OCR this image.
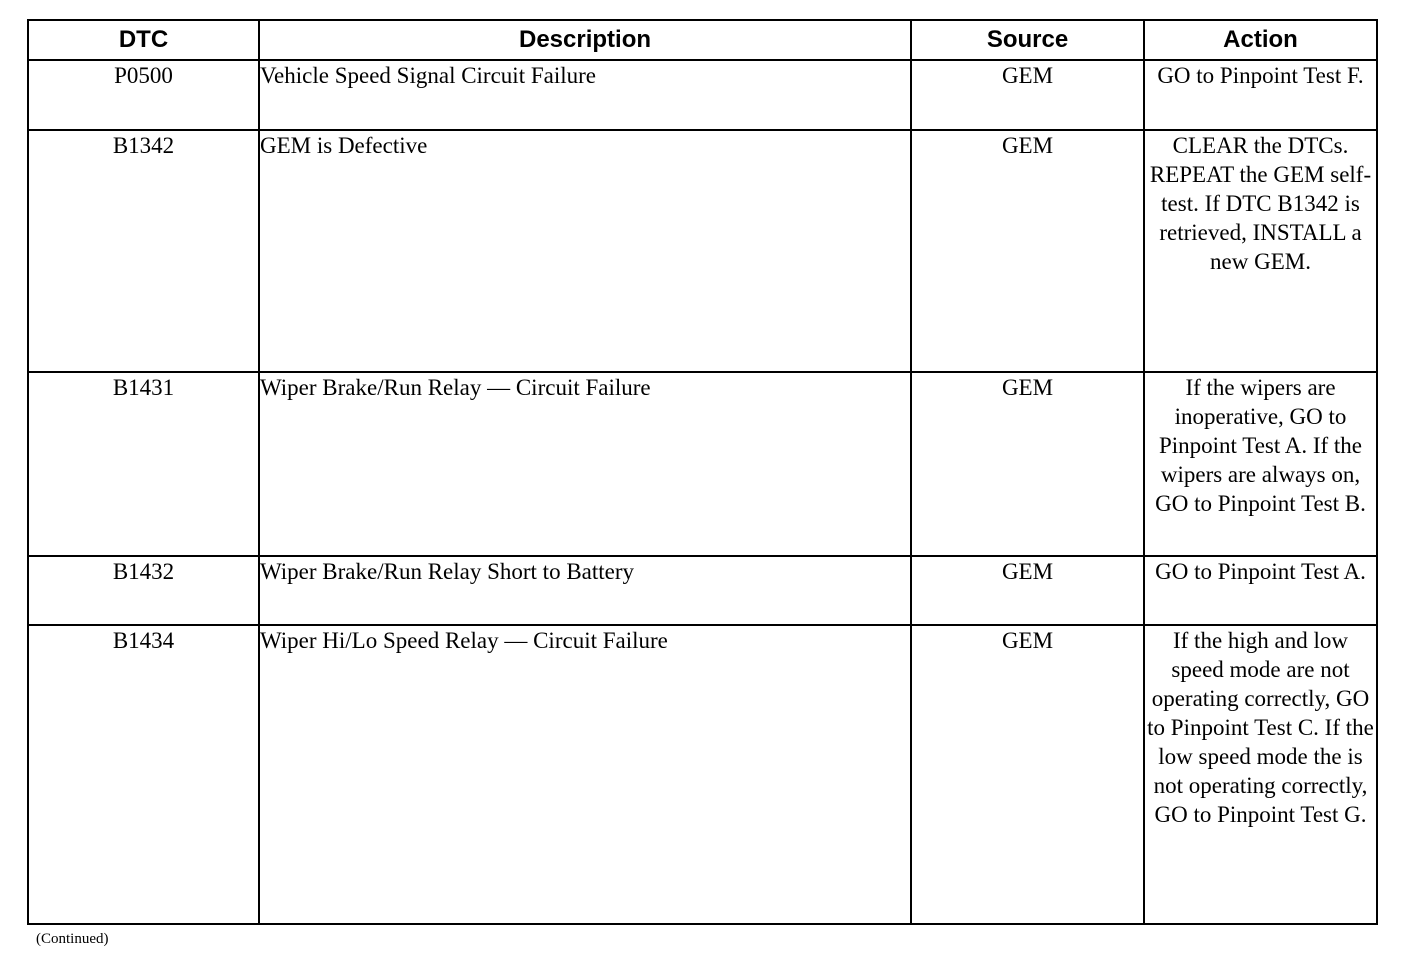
DTC	Description	Source	Action
P0500	Vehicle Speed Signal Circuit Failure	GEM	GO to Pinpoint Test F.
B1342	GEM is Defective	GEM	CLEAR the DTCs. REPEAT the GEM self-test. If DTC B1342 is retrieved, INSTALL a new GEM.
B1431	Wiper Brake/Run Relay — Circuit Failure	GEM	If the wipers are inoperative, GO to Pinpoint Test A. If the wipers are always on, GO to Pinpoint Test B.
B1432	Wiper Brake/Run Relay Short to Battery	GEM	GO to Pinpoint Test A.
B1434	Wiper Hi/Lo Speed Relay — Circuit Failure	GEM	If the high and low speed mode are not operating correctly, GO to Pinpoint Test C. If the low speed mode the is not operating correctly, GO to Pinpoint Test G.
(Continued)
